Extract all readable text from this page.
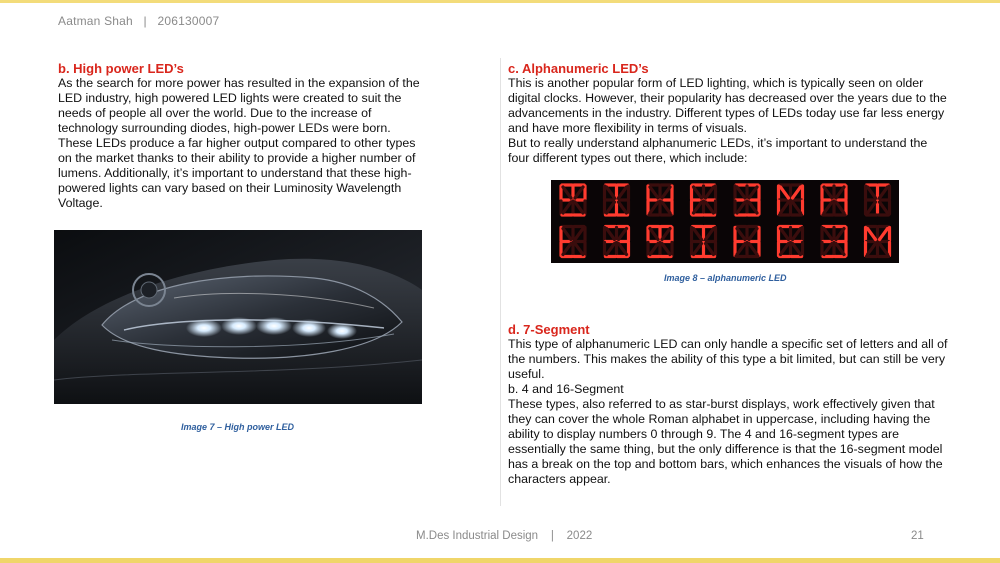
Aatman Shah   |   206130007

b. High power LED’s

As the search for more power has resulted in the expansion of the LED industry, high powered LED lights were created to suit the needs of people all over the world. Due to the increase of technology surrounding diodes, high-power LEDs were born. These LEDs produce a far higher output compared to other types on the market thanks to their ability to provide a higher number of lumens. Additionally, it’s important to understand that these high-powered lights can vary based on their Luminosity Wavelength Voltage.

Image 7 – High power LED

c. Alphanumeric LED’s

This is another popular form of LED lighting, which is typically seen on older digital clocks. However, their popularity has decreased over the years due to the advancements in the industry. Different types of LEDs today use far less energy and have more flexibility in terms of visuals.

But to really understand alphanumeric LEDs, it’s important to understand the four different types out there, which include:

Image 8 – alphanumeric LED

d. 7-Segment

This type of alphanumeric LED can only handle a specific set of letters and all of the numbers. This makes the ability of this type a bit limited, but can still be very useful.

b. 4 and 16-Segment

These types, also referred to as star-burst displays, work effectively given that they can cover the whole Roman alphabet in uppercase, including having the ability to display numbers 0 through 9. The 4 and 16-segment types are essentially the same thing, but the only difference is that the 16-segment model has a break on the top and bottom bars, which enhances the visuals of how the characters appear.

M.Des Industrial Design    |    2022	21
